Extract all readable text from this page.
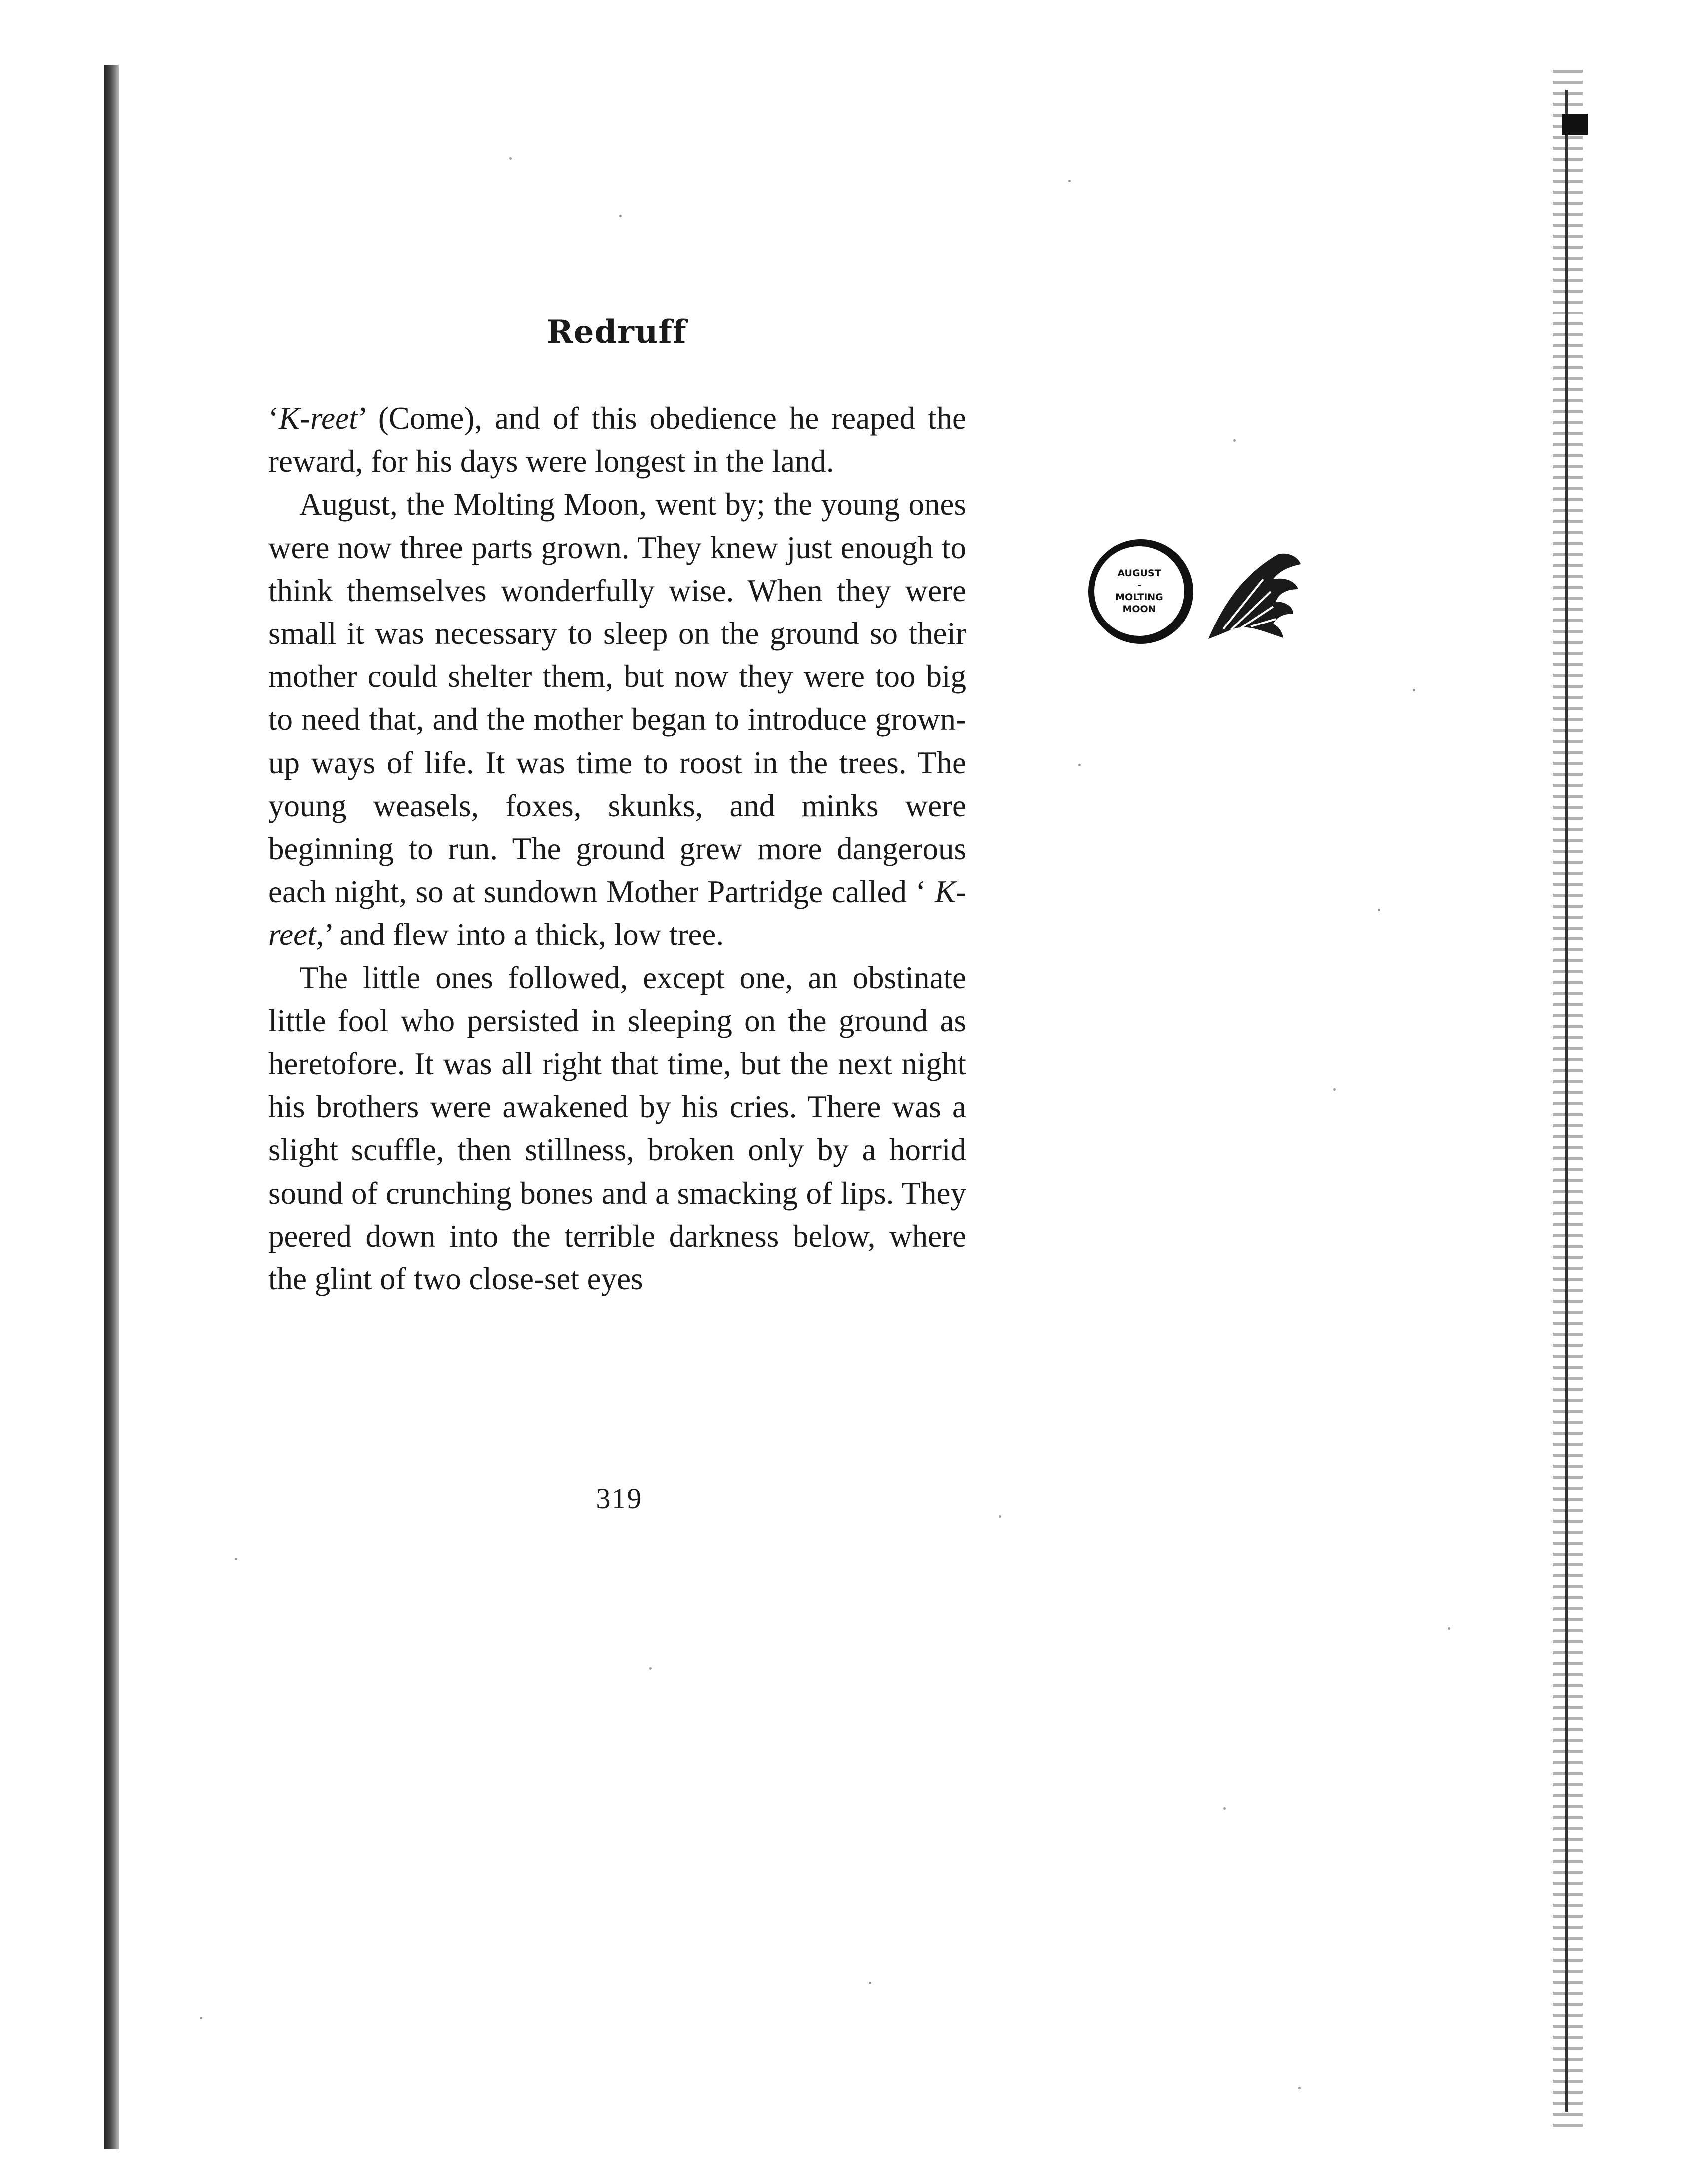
Redruff

‘K-reet’ (Come), and of this obedience he reaped the reward, for his days were longest in the land.

August, the Molting Moon, went by; the young ones were now three parts grown. They knew just enough to think themselves wonderfully wise. When they were small it was necessary to sleep on the ground so their mother could shelter them, but now they were too big to need that, and the mother began to introduce grown-up ways of life. It was time to roost in the trees. The young weasels, foxes, skunks, and minks were beginning to run. The ground grew more dangerous each night, so at sundown Mother Partridge called ‘ K-reet,’ and flew into a thick, low tree.

The little ones followed, except one, an obstinate little fool who persisted in sleeping on the ground as heretofore. It was all right that time, but the next night his brothers were awakened by his cries. There was a slight scuffle, then stillness, broken only by a horrid sound of crunching bones and a smacking of lips. They peered down into the terrible darkness below, where the glint of two close-set eyes

319
AUGUST
-
MOLTING
MOON
